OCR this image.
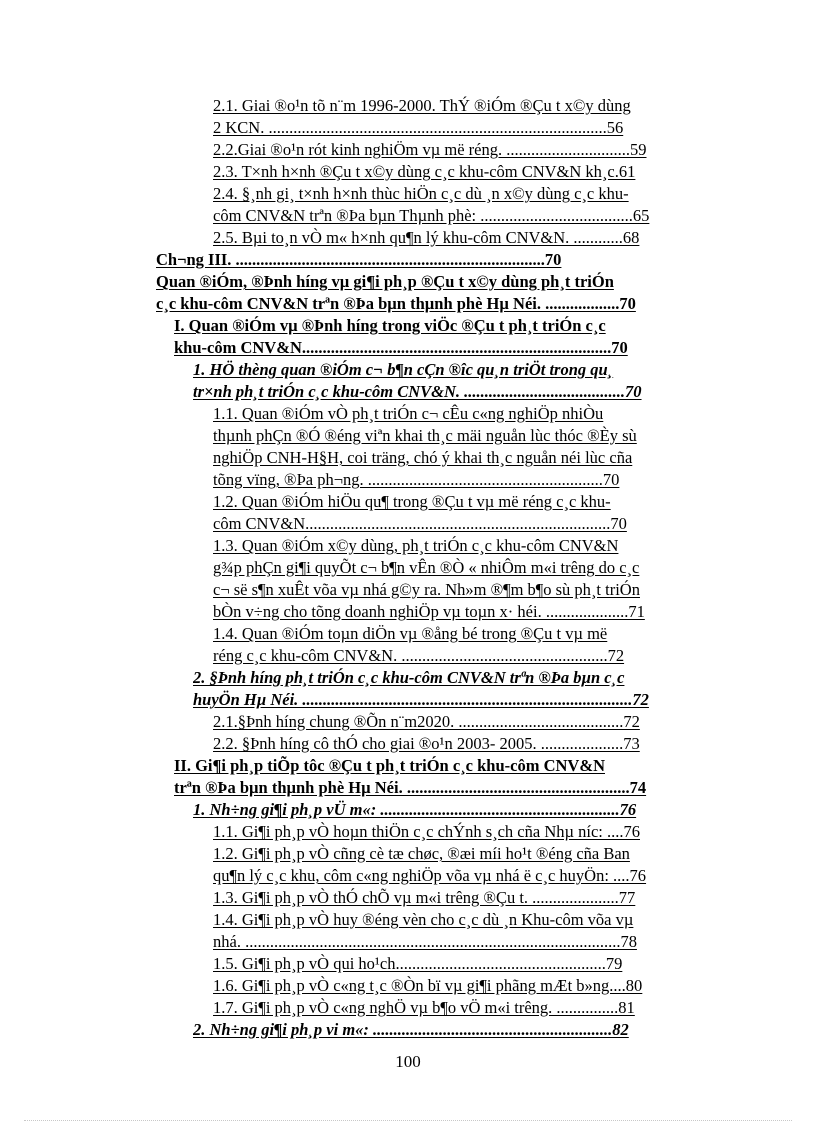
2.1. Giai ®o¹n tõ n¨m 1996-2000. ThÝ ®iÓm ®Çu t x©y dùng
2 KCN. ..................................................................................56
2.2.Giai ®o¹n rót kinh nghiÖm vµ më réng. ..............................59
2.3. T×nh h×nh ®Çu t x©y dùng c¸c khu-côm CNV&N kh¸c.61
2.4. §¸nh gi¸ t×nh h×nh thùc hiÖn c¸c dù ¸n x©y dùng c¸c khu-
côm CNV&N trªn ®Þa bµn Thµnh phè: .....................................65
2.5. Bµi to¸n vÒ m« h×nh qu¶n lý khu-côm CNV&N. ............68
Ch¬ng III. ...........................................................................70
Quan ®iÓm, ®Þnh híng vµ gi¶i ph¸p ®Çu t x©y dùng ph¸t triÓn
c¸c khu-côm CNV&N trªn ®Þa bµn thµnh phè Hµ Néi. ..................70
I. Quan ®iÓm vµ ®Þnh híng trong viÖc ®Çu t ph¸t triÓn c¸c
khu-côm CNV&N...........................................................................70
1. HÖ thèng quan ®iÓm c¬ b¶n cÇn ®îc qu¸n triÖt trong qu¸
tr×nh ph¸t triÓn c¸c khu-côm CNV&N. .......................................70
1.1. Quan ®iÓm vÒ ph¸t triÓn c¬ cÊu c«ng nghiÖp nhiÒu
thµnh phÇn ®Ó ®éng viªn khai th¸c mäi nguån lùc thóc ®Èy sù
nghiÖp CNH-H§H, coi träng, chó ý khai th¸c nguån néi lùc cña
tõng vïng, ®Þa ph¬ng. .........................................................70
1.2. Quan ®iÓm hiÖu qu¶ trong ®Çu t vµ më réng c¸c khu-
côm CNV&N..........................................................................70
1.3. Quan ®iÓm x©y dùng, ph¸t triÓn c¸c khu-côm CNV&N
g¾p phÇn gi¶i quyÕt c¬ b¶n vÊn ®Ò « nhiÔm m«i trêng do c¸c
c¬ së s¶n xuÊt võa vµ nhá g©y ra. Nh»m ®¶m b¶o sù ph¸t triÓn
bÒn v÷ng cho tõng doanh nghiÖp vµ toµn x· héi. ....................71
1.4. Quan ®iÓm toµn diÖn vµ ®ång bé trong ®Çu t vµ më
réng c¸c khu-côm CNV&N. ..................................................72
2. §Þnh híng ph¸t triÓn c¸c khu-côm CNV&N trªn ®Þa bµn c¸c
huyÖn Hµ Néi. ................................................................................72
2.1.§Þnh híng chung ®Õn n¨m2020. ........................................72
2.2. §Þnh híng cô thÓ cho giai ®o¹n 2003- 2005. ....................73
II. Gi¶i ph¸p tiÕp tôc ®Çu t ph¸t triÓn c¸c khu-côm CNV&N
trªn ®Þa bµn thµnh phè Hµ Néi. ......................................................74
1. Nh÷ng gi¶i ph¸p vÜ m«: ..........................................................76
1.1. Gi¶i ph¸p vÒ hoµn thiÖn c¸c chÝnh s¸ch cña Nhµ níc: ....76
1.2. Gi¶i ph¸p vÒ cñng cè tæ chøc, ®æi míi ho¹t ®éng cña Ban
qu¶n lý c¸c khu, côm c«ng nghiÖp võa vµ nhá ë c¸c huyÖn: ....76
1.3. Gi¶i ph¸p vÒ thÓ chÕ vµ m«i trêng ®Çu t. .....................77
1.4. Gi¶i ph¸p vÒ huy ®éng vèn cho c¸c dù ¸n Khu-côm võa vµ
nhá. ...........................................................................................78
1.5. Gi¶i ph¸p vÒ qui ho¹ch...................................................79
1.6. Gi¶i ph¸p vÒ c«ng t¸c ®Òn bï vµ gi¶i phãng mÆt b»ng....80
1.7. Gi¶i ph¸p vÒ c«ng nghÖ vµ b¶o vÖ m«i trêng. ...............81
2. Nh÷ng gi¶i ph¸p vi m«: ..........................................................82
100
